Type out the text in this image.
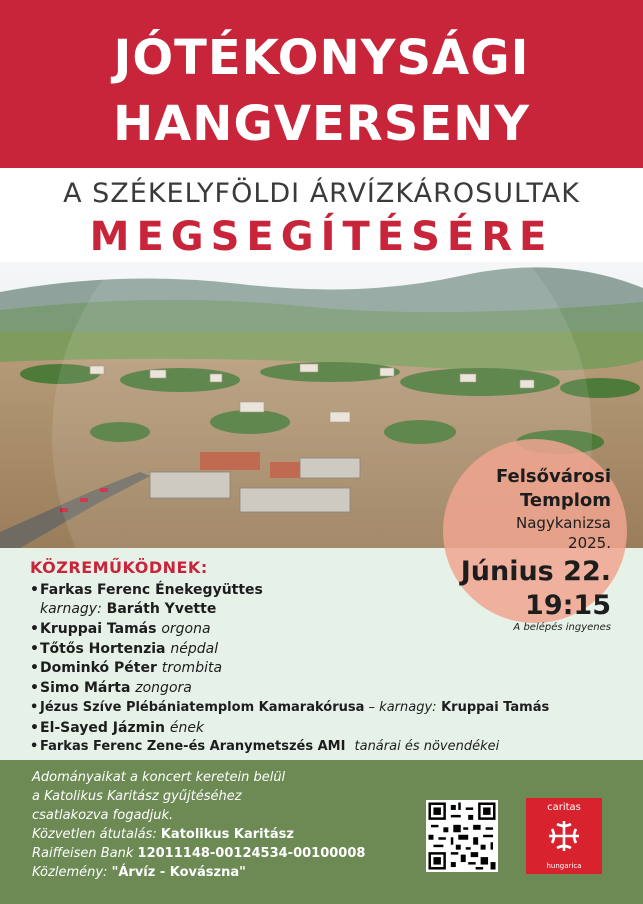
JÓTÉKONYSÁGI
HANGVERSENY
A SZÉKELYFÖLDI ÁRVÍZKÁROSULTAK
MEGSEGÍTÉSÉRE
Felsővárosi
Templom
Nagykanizsa
2025.
Június 22.
19:15
A belépés ingyenes
KÖZREMŰKÖDNEK:
•Farkas Ferenc Énekegyüttes
karnagy: Baráth Yvette
•Kruppai Tamás orgona
•Tőtős Hortenzia népdal
•Dominkó Péter trombita
•Simo Márta zongora
• Jézus Szíve Plébániatemplom Kamarakórusa – karnagy: Kruppai Tamás
•El-Sayed Jázmin ének
• Farkas Ferenc Zene-és Aranymetszés AMI tanárai és növendékei
Adományaikat a koncert keretein belül
a Katolikus Karitász gyűjtéséhez
csatlakozva fogadjuk.
Közvetlen átutalás: Katolikus Karitász
Raiffeisen Bank 12011148-00124534-00100008
Közlemény: "Árvíz - Kovászna"
caritas
hungarica
